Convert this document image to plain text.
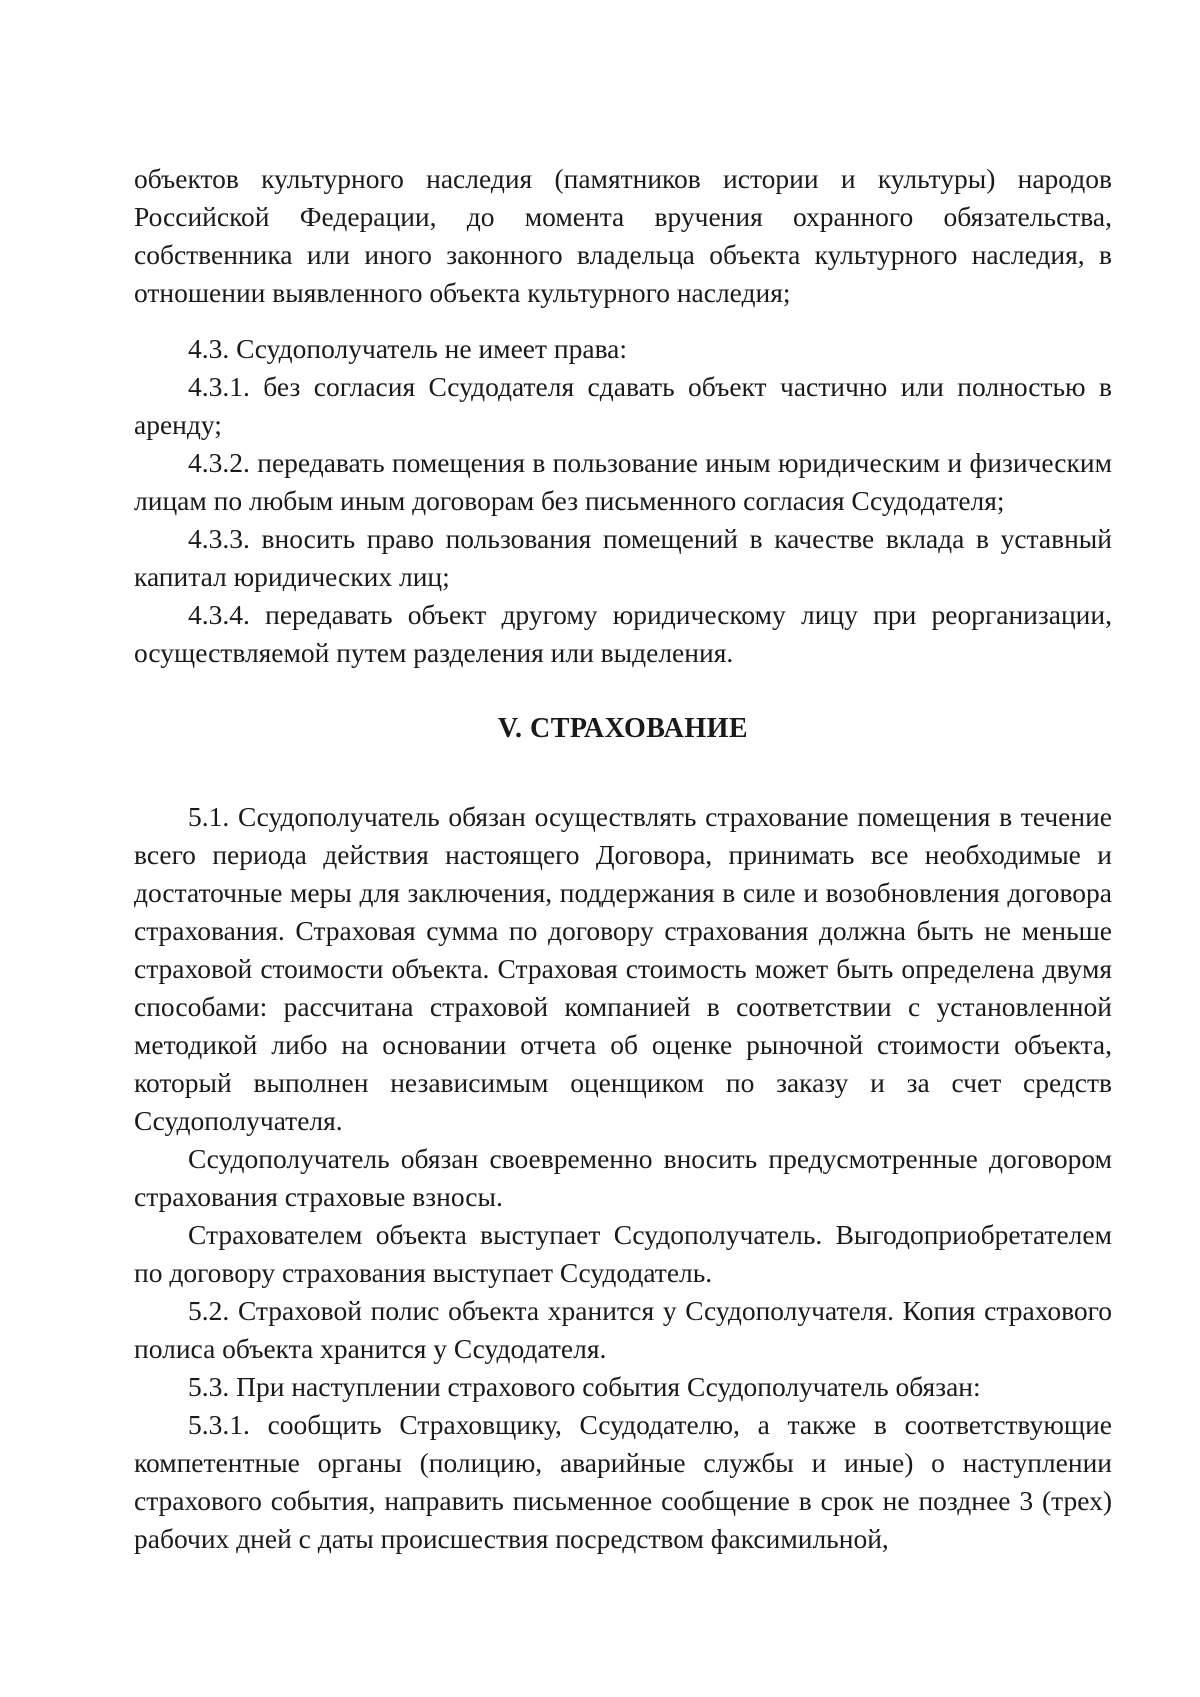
объектов культурного наследия (памятников истории и культуры) народов Российской Федерации, до момента вручения охранного обязательства, собственника или иного законного владельца объекта культурного наследия, в отношении выявленного объекта культурного наследия;

4.3. Ссудополучатель не имеет права:

4.3.1. без согласия Ссудодателя сдавать объект частично или полностью в аренду;

4.3.2. передавать помещения в пользование иным юридическим и физическим лицам по любым иным договорам без письменного согласия Ссудодателя;

4.3.3. вносить право пользования помещений в качестве вклада в уставный капитал юридических лиц;

4.3.4. передавать объект другому юридическому лицу при реорганизации, осуществляемой путем разделения или выделения.

V. СТРАХОВАНИЕ

5.1. Ссудополучатель обязан осуществлять страхование помещения в течение всего периода действия настоящего Договора, принимать все необходимые и достаточные меры для заключения, поддержания в силе и возобновления договора страхования. Страховая сумма по договору страхования должна быть не меньше страховой стоимости объекта. Страховая стоимость может быть определена двумя способами: рассчитана страховой компанией в соответствии с установленной методикой либо на основании отчета об оценке рыночной стоимости объекта, который выполнен независимым оценщиком по заказу и за счет средств Ссудополучателя.

Ссудополучатель обязан своевременно вносить предусмотренные договором страхования страховые взносы.

Страхователем объекта выступает Ссудополучатель. Выгодоприобретателем по договору страхования выступает Ссудодатель.

5.2. Страховой полис объекта хранится у Ссудополучателя. Копия страхового полиса объекта хранится у Ссудодателя.

5.3. При наступлении страхового события Ссудополучатель обязан:

5.3.1. сообщить Страховщику, Ссудодателю, а также в соответствующие компетентные органы (полицию, аварийные службы и иные) о наступлении страхового события, направить письменное сообщение в срок не позднее 3 (трех) рабочих дней с даты происшествия посредством факсимильной,
